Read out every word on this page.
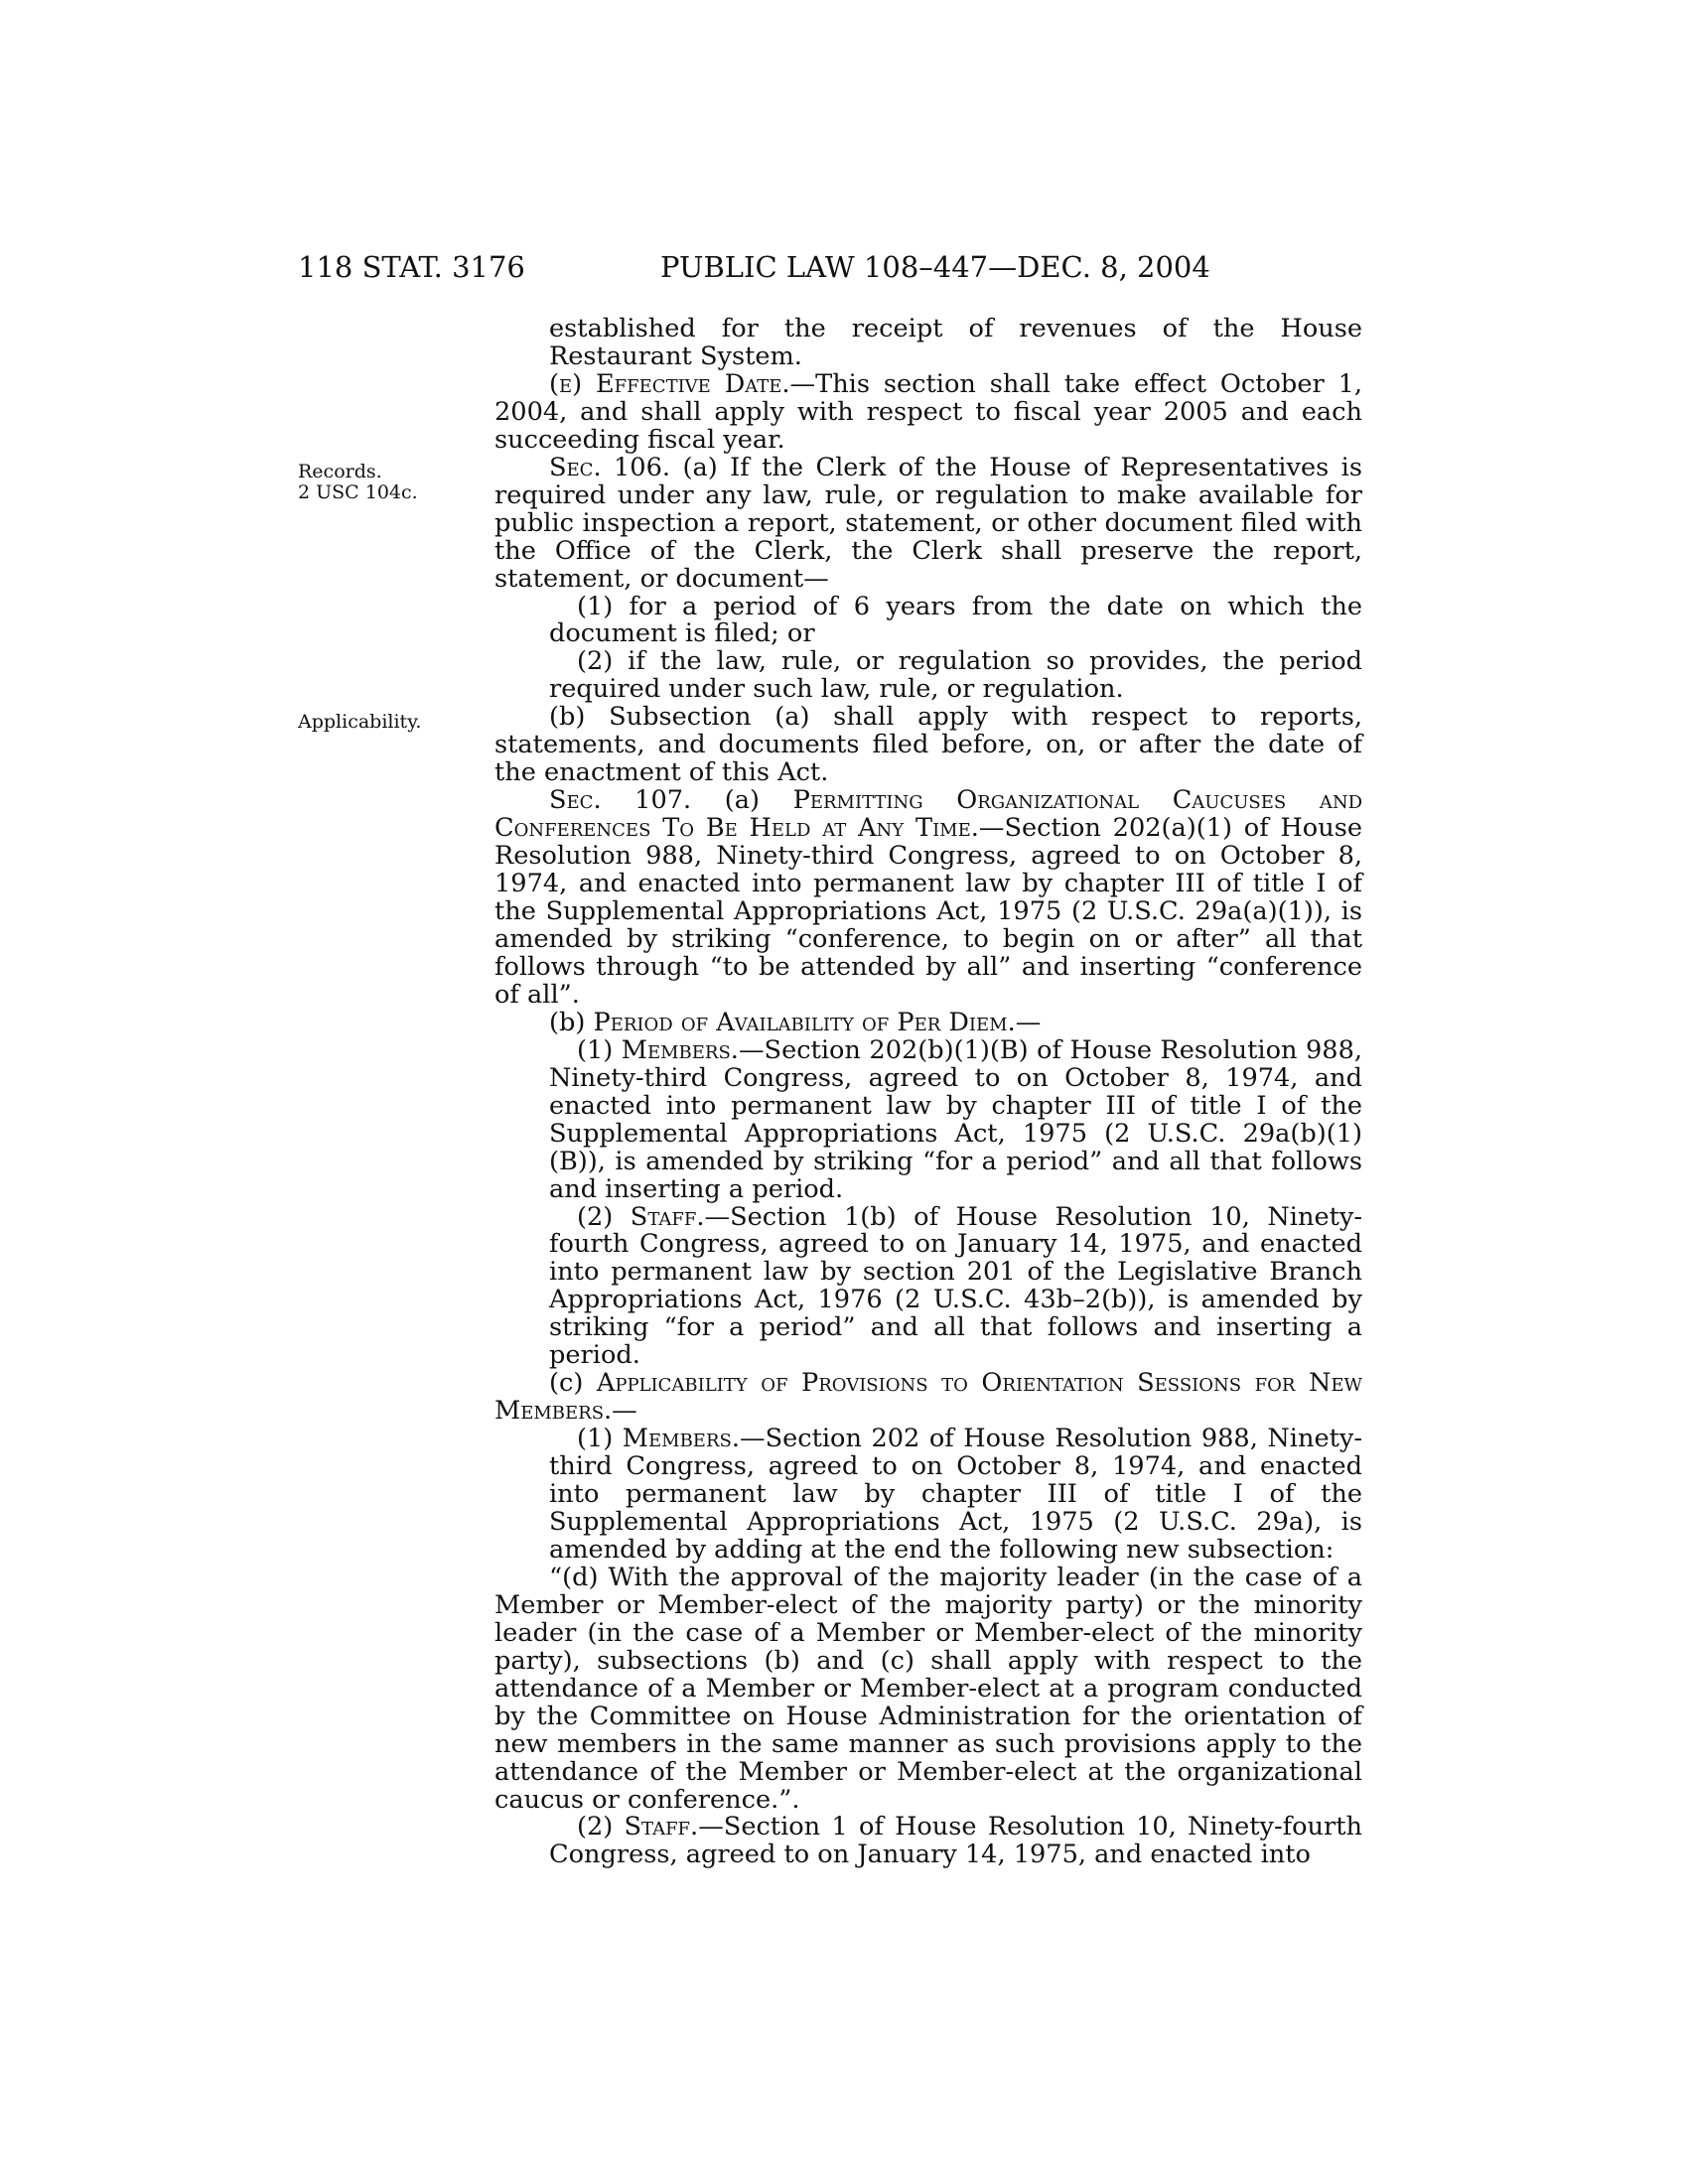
118 STAT. 3176	PUBLIC LAW 108–447—DEC. 8, 2004
Records.
2 USC 104c.
Applicability.

established for the receipt of revenues of the House Restaurant System.

(e) Effective Date.—This section shall take effect October 1, 2004, and shall apply with respect to fiscal year 2005 and each succeeding fiscal year.

Sec. 106. (a) If the Clerk of the House of Representatives is required under any law, rule, or regulation to make available for public inspection a report, statement, or other document filed with the Office of the Clerk, the Clerk shall preserve the report, statement, or document—

(1) for a period of 6 years from the date on which the document is filed; or

(2) if the law, rule, or regulation so provides, the period required under such law, rule, or regulation.

(b) Subsection (a) shall apply with respect to reports, statements, and documents filed before, on, or after the date of the enactment of this Act.

Sec. 107. (a) Permitting Organizational Caucuses and Conferences To Be Held at Any Time.—Section 202(a)(1) of House Resolution 988, Ninety-third Congress, agreed to on October 8, 1974, and enacted into permanent law by chapter III of title I of the Supplemental Appropriations Act, 1975 (2 U.S.C. 29a(a)(1)), is amended by striking “conference, to begin on or after” all that follows through “to be attended by all” and inserting “conference of all”.

(b) Period of Availability of Per Diem.—

(1) Members.—Section 202(b)(1)(B) of House Resolution 988, Ninety-third Congress, agreed to on October 8, 1974, and enacted into permanent law by chapter III of title I of the Supplemental Appropriations Act, 1975 (2 U.S.C. 29a(b)(1)(B)), is amended by striking “for a period” and all that follows and inserting a period.

(2) Staff.—Section 1(b) of House Resolution 10, Ninety-fourth Congress, agreed to on January 14, 1975, and enacted into permanent law by section 201 of the Legislative Branch Appropriations Act, 1976 (2 U.S.C. 43b–2(b)), is amended by striking “for a period” and all that follows and inserting a period.

(c) Applicability of Provisions to Orientation Sessions for New Members.—

(1) Members.—Section 202 of House Resolution 988, Ninety-third Congress, agreed to on October 8, 1974, and enacted into permanent law by chapter III of title I of the Supplemental Appropriations Act, 1975 (2 U.S.C. 29a), is amended by adding at the end the following new subsection:

“(d) With the approval of the majority leader (in the case of a Member or Member-elect of the majority party) or the minority leader (in the case of a Member or Member-elect of the minority party), subsections (b) and (c) shall apply with respect to the attendance of a Member or Member-elect at a program conducted by the Committee on House Administration for the orientation of new members in the same manner as such provisions apply to the attendance of the Member or Member-elect at the organizational caucus or conference.”.

(2) Staff.—Section 1 of House Resolution 10, Ninety-fourth Congress, agreed to on January 14, 1975, and enacted into
